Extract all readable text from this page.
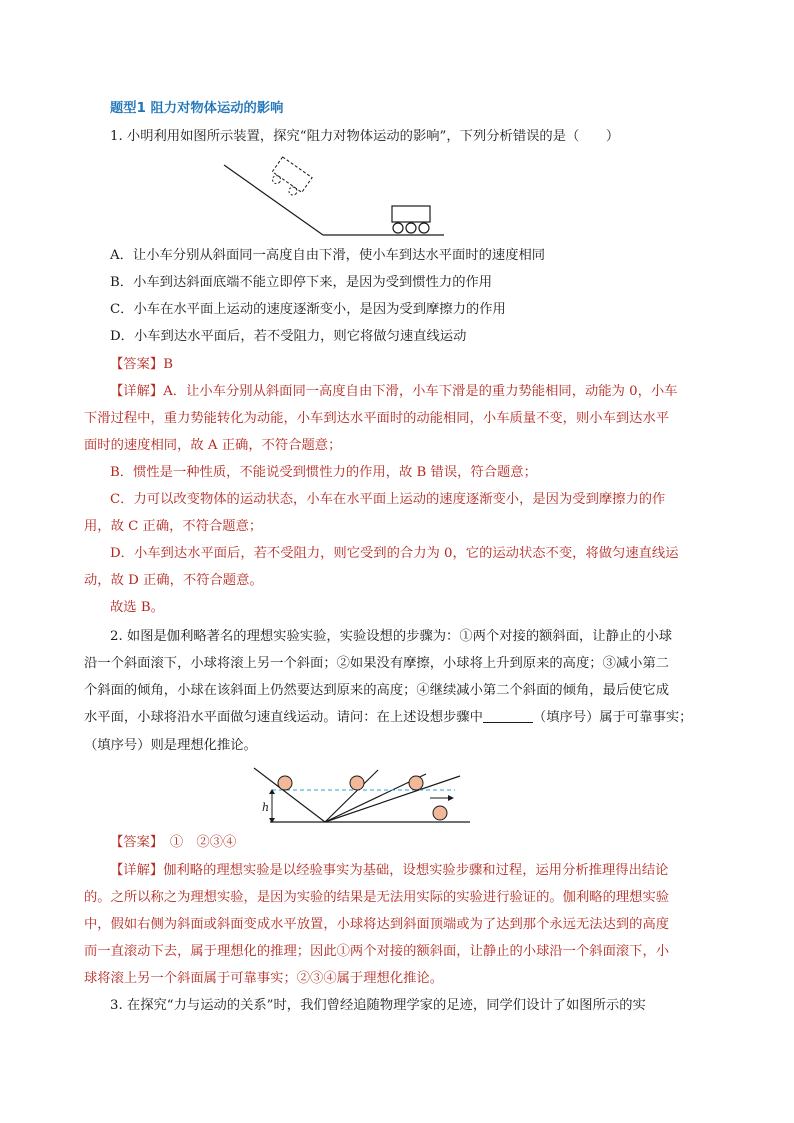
题型1 阻力对物体运动的影响
1. 小明利用如图所示装置，探究“阻力对物体运动的影响”，下列分析错误的是（　　）
A．让小车分别从斜面同一高度自由下滑，使小车到达水平面时的速度相同
B．小车到达斜面底端不能立即停下来，是因为受到惯性力的作用
C．小车在水平面上运动的速度逐渐变小，是因为受到摩擦力的作用
D．小车到达水平面后，若不受阻力，则它将做匀速直线运动
【答案】B
【详解】A．让小车分别从斜面同一高度自由下滑，小车下滑是的重力势能相同，动能为 0，小车
下滑过程中，重力势能转化为动能，小车到达水平面时的动能相同，小车质量不变，则小车到达水平
面时的速度相同，故 A 正确，不符合题意；
B．惯性是一种性质，不能说受到惯性力的作用，故 B 错误，符合题意；
C．力可以改变物体的运动状态，小车在水平面上运动的速度逐渐变小，是因为受到摩擦力的作
用，故 C 正确，不符合题意；
D．小车到达水平面后，若不受阻力，则它受到的合力为 0，它的运动状态不变，将做匀速直线运
动，故 D 正确，不符合题意。
故选 B。
2. 如图是伽利略著名的理想实验实验，实验设想的步骤为：①两个对接的额斜面，让静止的小球
沿一个斜面滚下，小球将滚上另一个斜面；②如果没有摩擦，小球将上升到原来的高度；③减小第二
个斜面的倾角，小球在该斜面上仍然要达到原来的高度；④继续减小第二个斜面的倾角，最后使它成
水平面，小球将沿水平面做匀速直线运动。请问：在上述设想步骤中	（填序号）属于可靠事实；
（填序号）则是理想化推论。
h
【答案】　 ①　②③④
【详解】伽利略的理想实验是以经验事实为基础，设想实验步骤和过程，运用分析推理得出结论
的。之所以称之为理想实验，是因为实验的结果是无法用实际的实验进行验证的。伽利略的理想实验
中，假如右侧为斜面或斜面变成水平放置，小球将达到斜面顶端或为了达到那个永远无法达到的高度
而一直滚动下去，属于理想化的推理；因此①两个对接的额斜面，让静止的小球沿一个斜面滚下，小
球将滚上另一个斜面属于可靠事实；②③④属于理想化推论。
3. 在探究“力与运动的关系”时，我们曾经追随物理学家的足迹，同学们设计了如图所示的实
